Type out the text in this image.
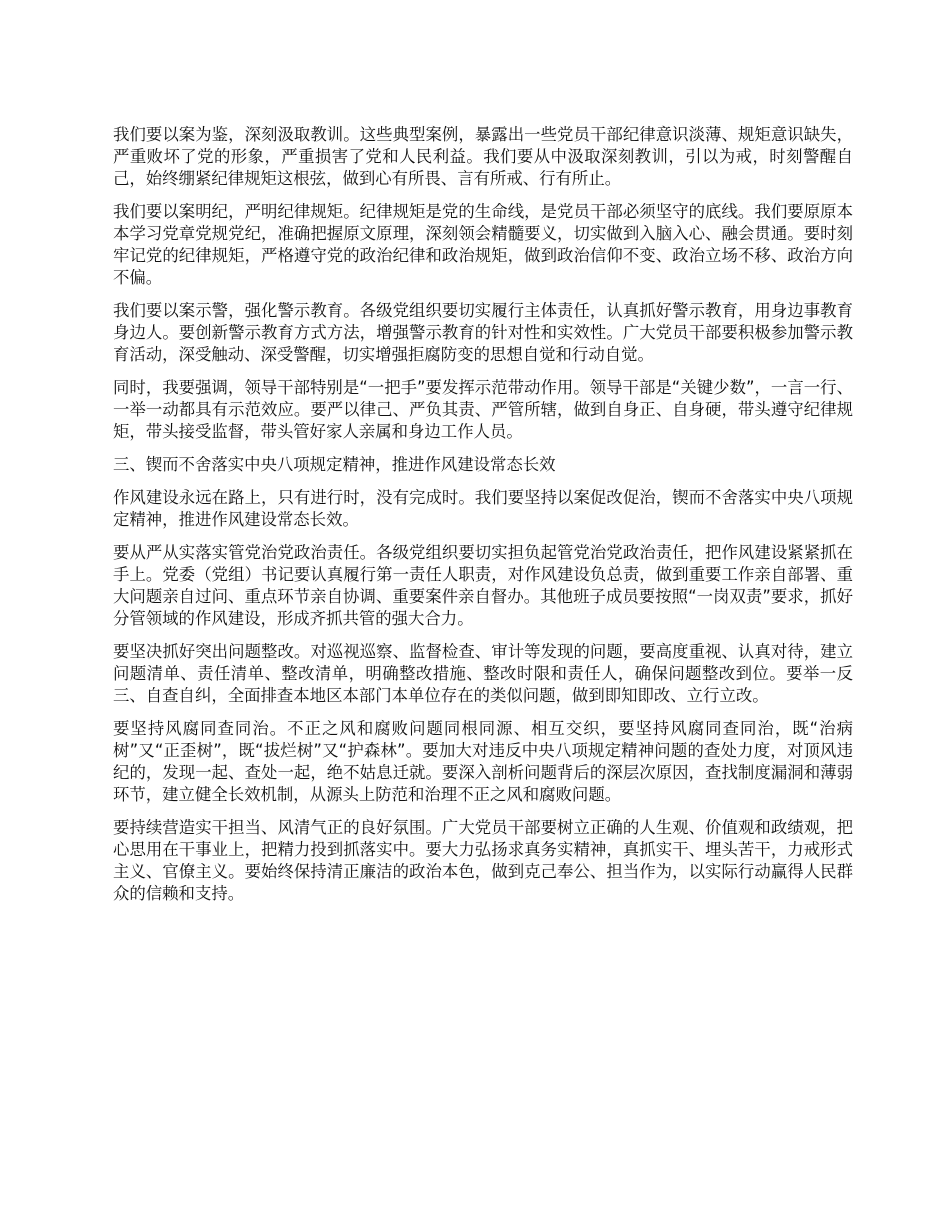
我们要以案为鉴，深刻汲取教训。这些典型案例，暴露出一些党员干部纪律意识淡薄、规矩意识缺失，严重败坏了党的形象，严重损害了党和人民利益。我们要从中汲取深刻教训，引以为戒，时刻警醒自己，始终绷紧纪律规矩这根弦，做到心有所畏、言有所戒、行有所止。

我们要以案明纪，严明纪律规矩。纪律规矩是党的生命线，是党员干部必须坚守的底线。我们要原原本本学习党章党规党纪，准确把握原文原理，深刻领会精髓要义，切实做到入脑入心、融会贯通。要时刻牢记党的纪律规矩，严格遵守党的政治纪律和政治规矩，做到政治信仰不变、政治立场不移、政治方向不偏。

我们要以案示警，强化警示教育。各级党组织要切实履行主体责任，认真抓好警示教育，用身边事教育身边人。要创新警示教育方式方法，增强警示教育的针对性和实效性。广大党员干部要积极参加警示教育活动，深受触动、深受警醒，切实增强拒腐防变的思想自觉和行动自觉。

同时，我要强调，领导干部特别是“一把手”要发挥示范带动作用。领导干部是“关键少数”，一言一行、一举一动都具有示范效应。要严以律己、严负其责、严管所辖，做到自身正、自身硬，带头遵守纪律规矩，带头接受监督，带头管好家人亲属和身边工作人员。

三、锲而不舍落实中央八项规定精神，推进作风建设常态长效

作风建设永远在路上，只有进行时，没有完成时。我们要坚持以案促改促治，锲而不舍落实中央八项规定精神，推进作风建设常态长效。

要从严从实落实管党治党政治责任。各级党组织要切实担负起管党治党政治责任，把作风建设紧紧抓在手上。党委（党组）书记要认真履行第一责任人职责，对作风建设负总责，做到重要工作亲自部署、重大问题亲自过问、重点环节亲自协调、重要案件亲自督办。其他班子成员要按照“一岗双责”要求，抓好分管领域的作风建设，形成齐抓共管的强大合力。

要坚决抓好突出问题整改。对巡视巡察、监督检查、审计等发现的问题，要高度重视、认真对待，建立问题清单、责任清单、整改清单，明确整改措施、整改时限和责任人，确保问题整改到位。要举一反三、自查自纠，全面排查本地区本部门本单位存在的类似问题，做到即知即改、立行立改。

要坚持风腐同查同治。不正之风和腐败问题同根同源、相互交织，要坚持风腐同查同治，既“治病树”又“正歪树”，既“拔烂树”又“护森林”。要加大对违反中央八项规定精神问题的查处力度，对顶风违纪的，发现一起、查处一起，绝不姑息迁就。要深入剖析问题背后的深层次原因，查找制度漏洞和薄弱环节，建立健全长效机制，从源头上防范和治理不正之风和腐败问题。

要持续营造实干担当、风清气正的良好氛围。广大党员干部要树立正确的人生观、价值观和政绩观，把心思用在干事业上，把精力投到抓落实中。要大力弘扬求真务实精神，真抓实干、埋头苦干，力戒形式主义、官僚主义。要始终保持清正廉洁的政治本色，做到克己奉公、担当作为，以实际行动赢得人民群众的信赖和支持。
